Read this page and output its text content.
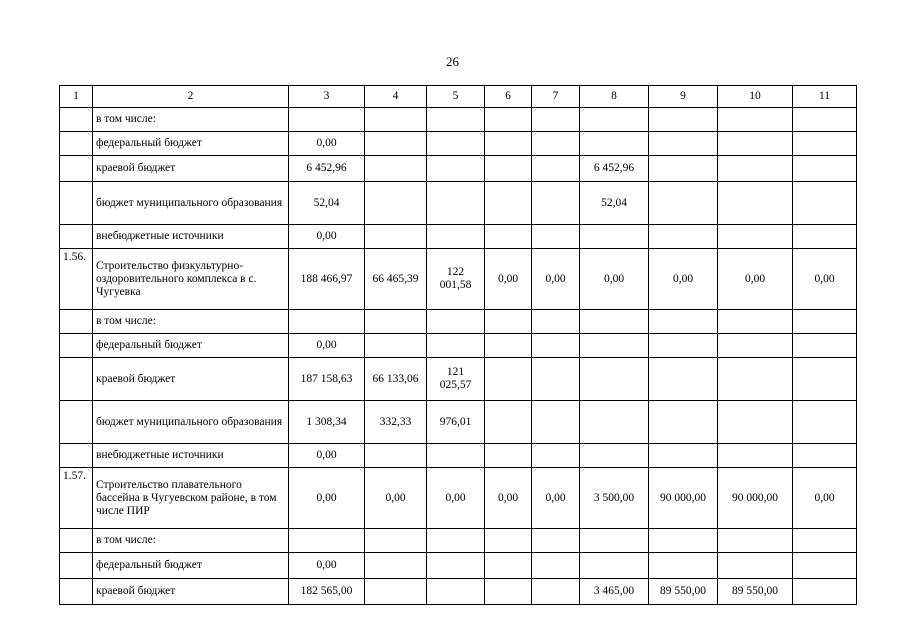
26
1	2	3	4	5	6	7	8	9	10	11
	в том числе:									
	федеральный бюджет	0,00								
	краевой бюджет	6 452,96					6 452,96			
	бюджет муниципального образования	52,04					52,04			
	внебюджетные источники	0,00								
1.56.	Строительство физкультурно-оздоровительного комплекса в с. Чугуевка	188 466,97	66 465,39	122 001,58	0,00	0,00	0,00	0,00	0,00	0,00
	в том числе:									
	федеральный бюджет	0,00								
	краевой бюджет	187 158,63	66 133,06	121 025,57						
	бюджет муниципального образования	1 308,34	332,33	976,01						
	внебюджетные источники	0,00								
1.57.	Строительство плавательного бассейна в Чугуевском районе, в том числе ПИР	0,00	0,00	0,00	0,00	0,00	3 500,00	90 000,00	90 000,00	0,00
	в том числе:									
	федеральный бюджет	0,00								
	краевой бюджет	182 565,00					3 465,00	89 550,00	89 550,00	
